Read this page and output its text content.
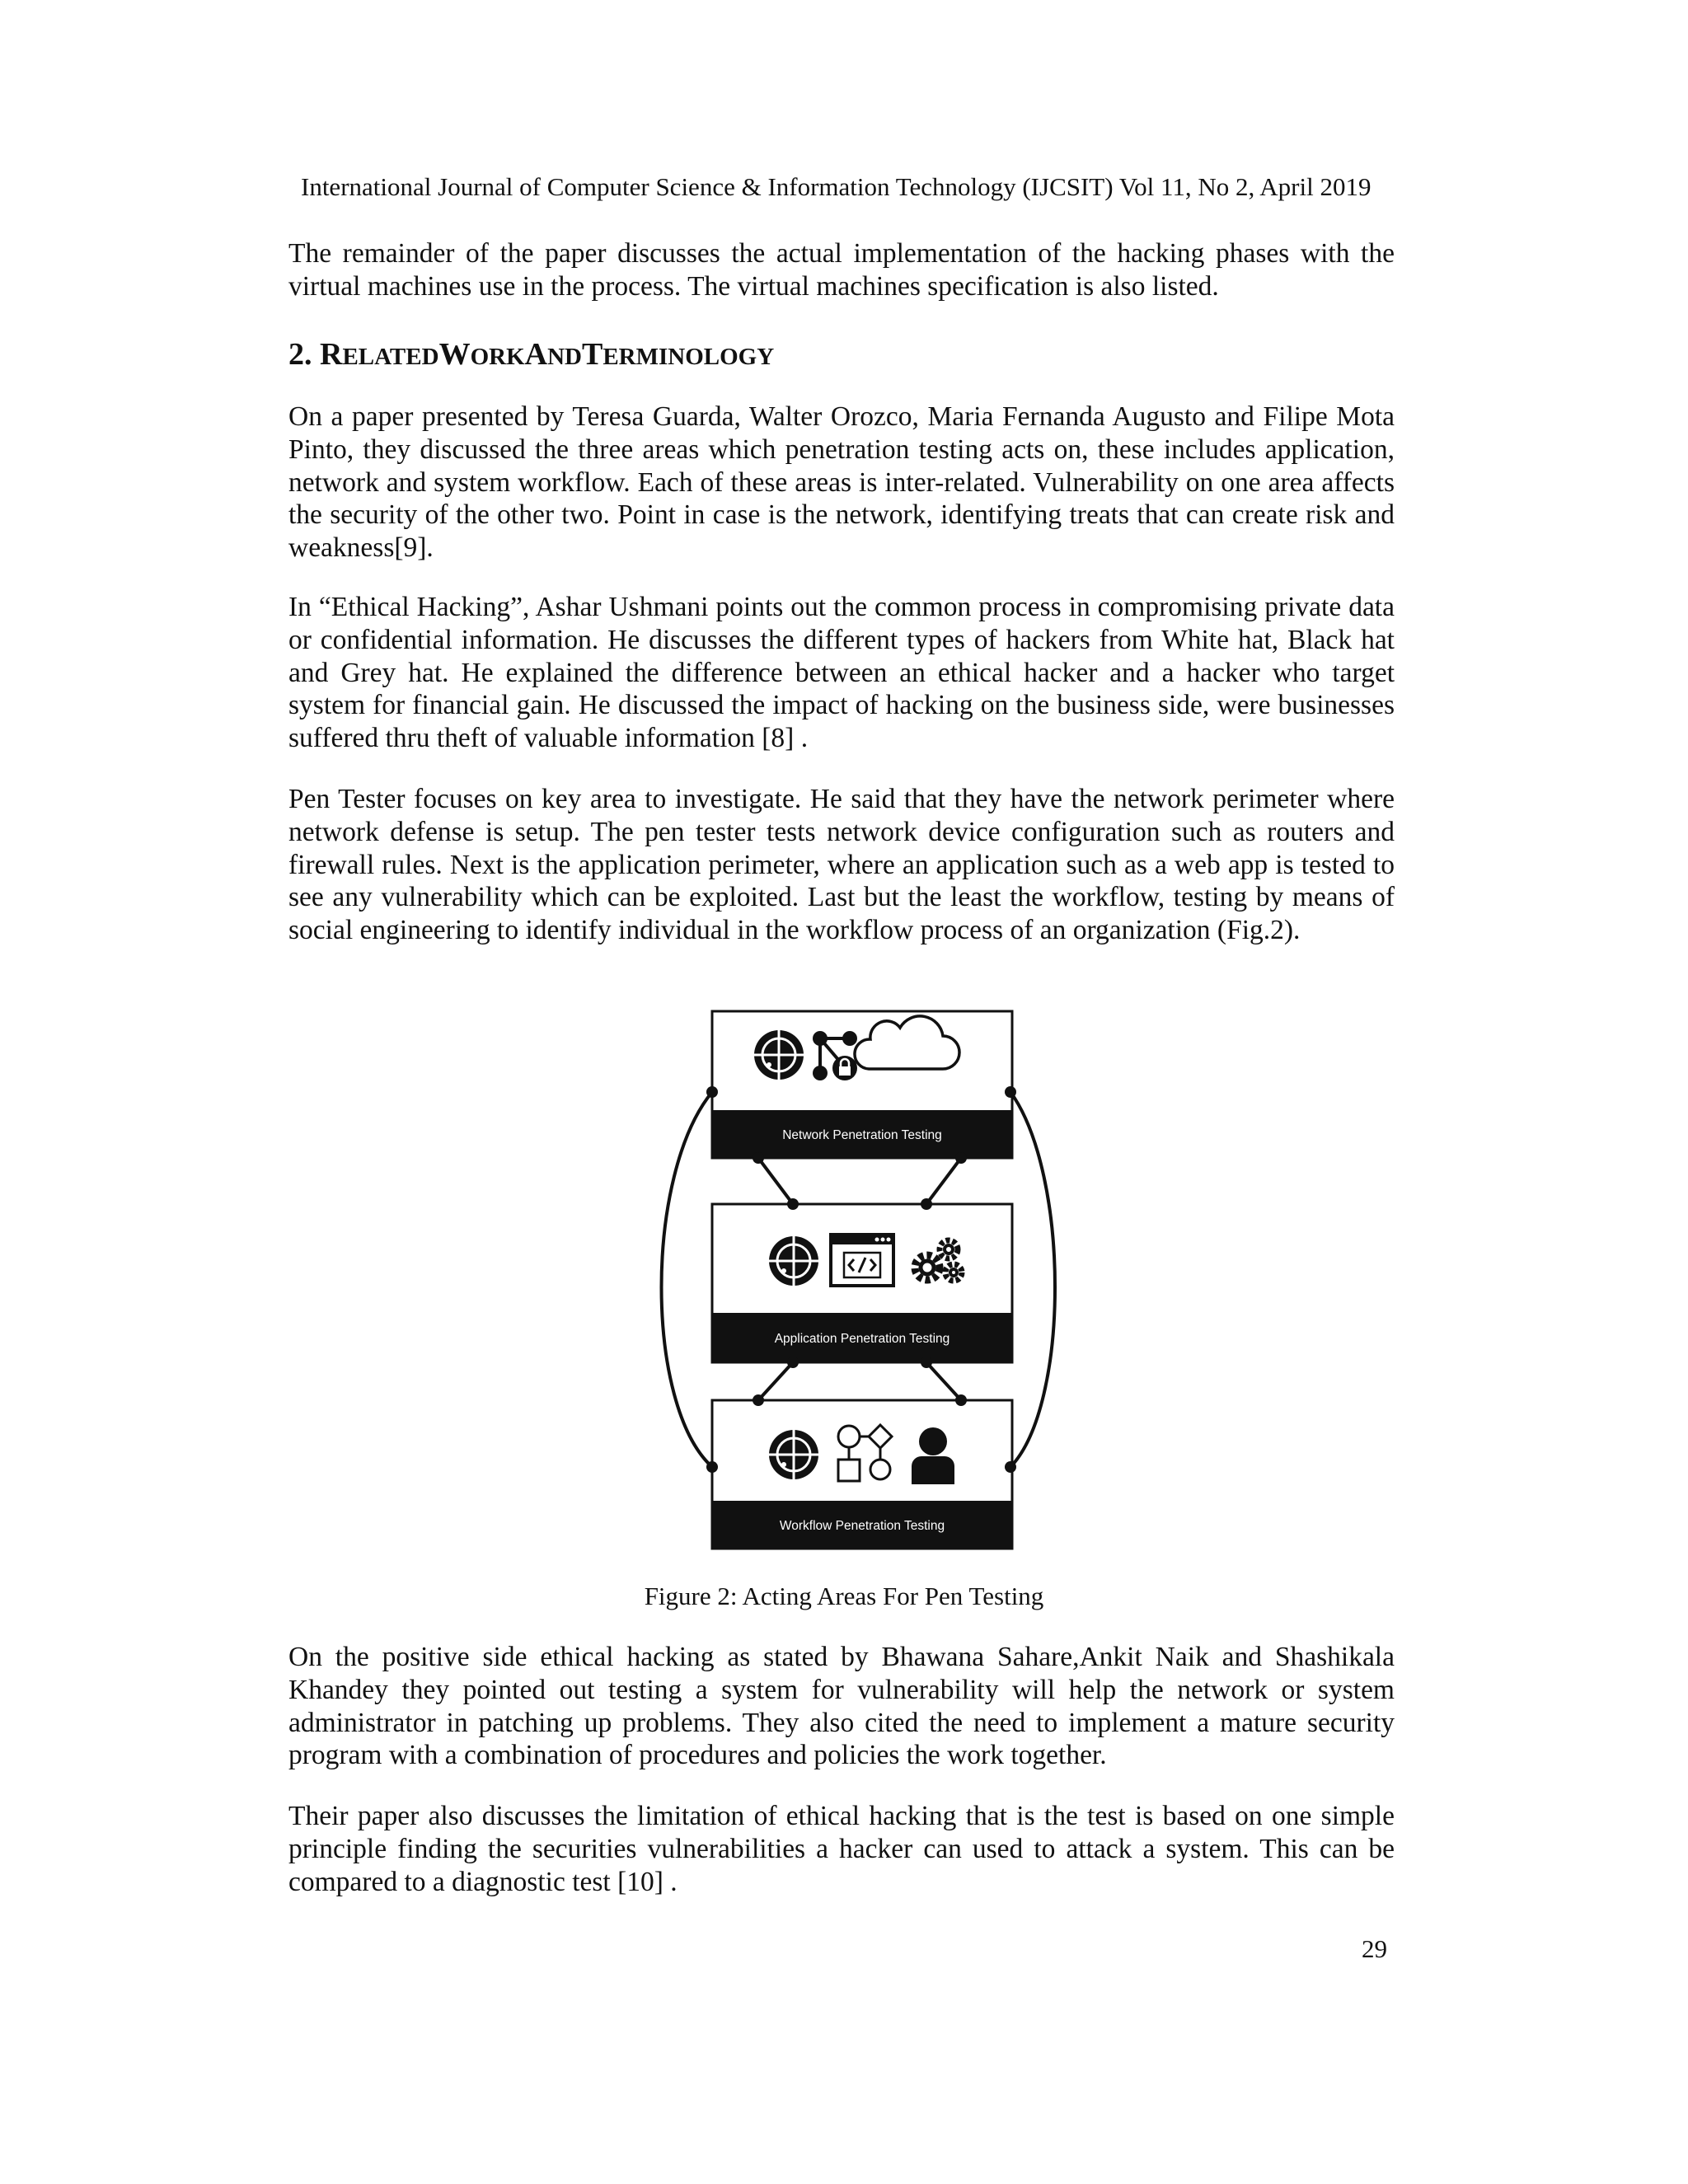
International Journal of Computer Science & Information Technology (IJCSIT) Vol 11, No 2, April 2019

The remainder of the paper discusses the actual implementation of the hacking phases with the virtual machines use in the process. The virtual machines specification is also listed.

2. RELATEDWORKANDTERMINOLOGY

On a paper presented by Teresa Guarda, Walter Orozco, Maria Fernanda Augusto and Filipe Mota Pinto, they discussed the three areas which penetration testing acts on, these includes application, network and system workflow. Each of these areas is inter-related. Vulnerability on one area affects the security of the other two. Point in case is the network, identifying treats that can create risk and weakness[9].

In “Ethical Hacking”, Ashar Ushmani points out the common process in compromising private data or confidential information. He discusses the different types of hackers from White hat, Black hat and Grey hat. He explained the difference between an ethical hacker and a hacker who target system for financial gain. He discussed the impact of hacking on the business side, were businesses suffered thru theft of valuable information [8] .

Pen Tester focuses on key area to investigate. He said that they have the network perimeter where network defense is setup. The pen tester tests network device configuration such as routers and firewall rules. Next is the application perimeter, where an application such as a web app is tested to see any vulnerability which can be exploited. Last but the least the workflow, testing by means of social engineering to identify individual in the workflow process of an organization (Fig.2).

Network Penetration Testing
Application Penetration Testing
Workflow Penetration Testing
Figure 2: Acting Areas For Pen Testing

On the positive side ethical hacking as stated by Bhawana Sahare,Ankit Naik and Shashikala Khandey they pointed out testing a system for vulnerability will help the network or system administrator in patching up problems. They also cited the need to implement a mature security program with a combination of procedures and policies the work together.

Their paper also discusses the limitation of ethical hacking that is the test is based on one simple principle finding the securities vulnerabilities a hacker can used to attack a system. This can be compared to a diagnostic test [10] .

29
